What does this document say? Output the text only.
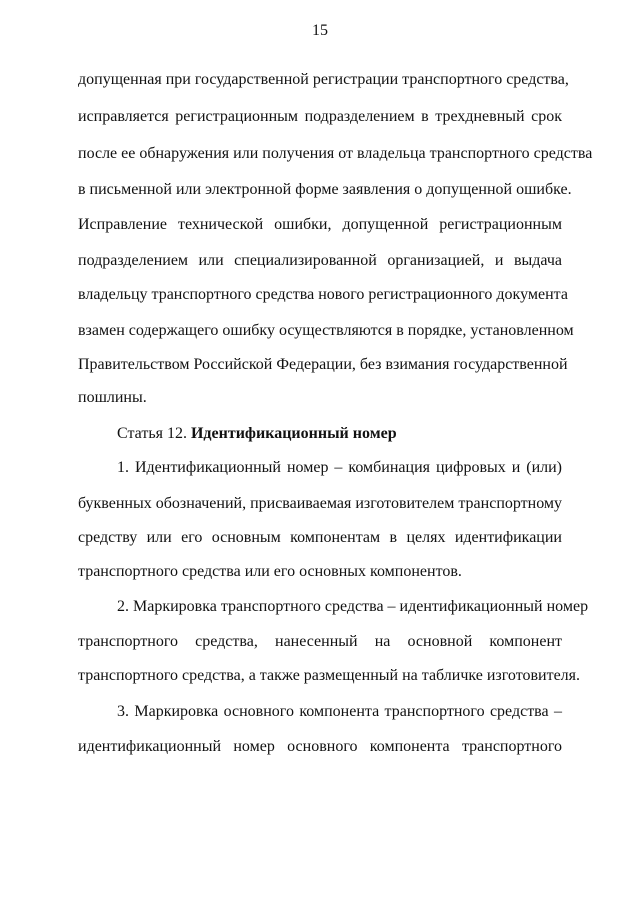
15
допущенная при государственной регистрации транспортного средства,
исправляется регистрационным подразделением в трехдневный срок
после ее обнаружения или получения от владельца транспортного средства
в письменной или электронной форме заявления о допущенной ошибке.
Исправление технической ошибки, допущенной регистрационным
подразделением или специализированной организацией, и выдача
владельцу транспортного средства нового регистрационного документа
взамен содержащего ошибку осуществляются в порядке, установленном
Правительством Российской Федерации, без взимания государственной
пошлины.
Статья 12. Идентификационный номер
1. Идентификационный номер – комбинация цифровых и (или)
буквенных обозначений, присваиваемая изготовителем транспортному
средству или его основным компонентам в целях идентификации
транспортного средства или его основных компонентов.
2. Маркировка транспортного средства – идентификационный номер
транспортного средства, нанесенный на основной компонент
транспортного средства, а также размещенный на табличке изготовителя.
3. Маркировка основного компонента транспортного средства –
идентификационный номер основного компонента транспортного
